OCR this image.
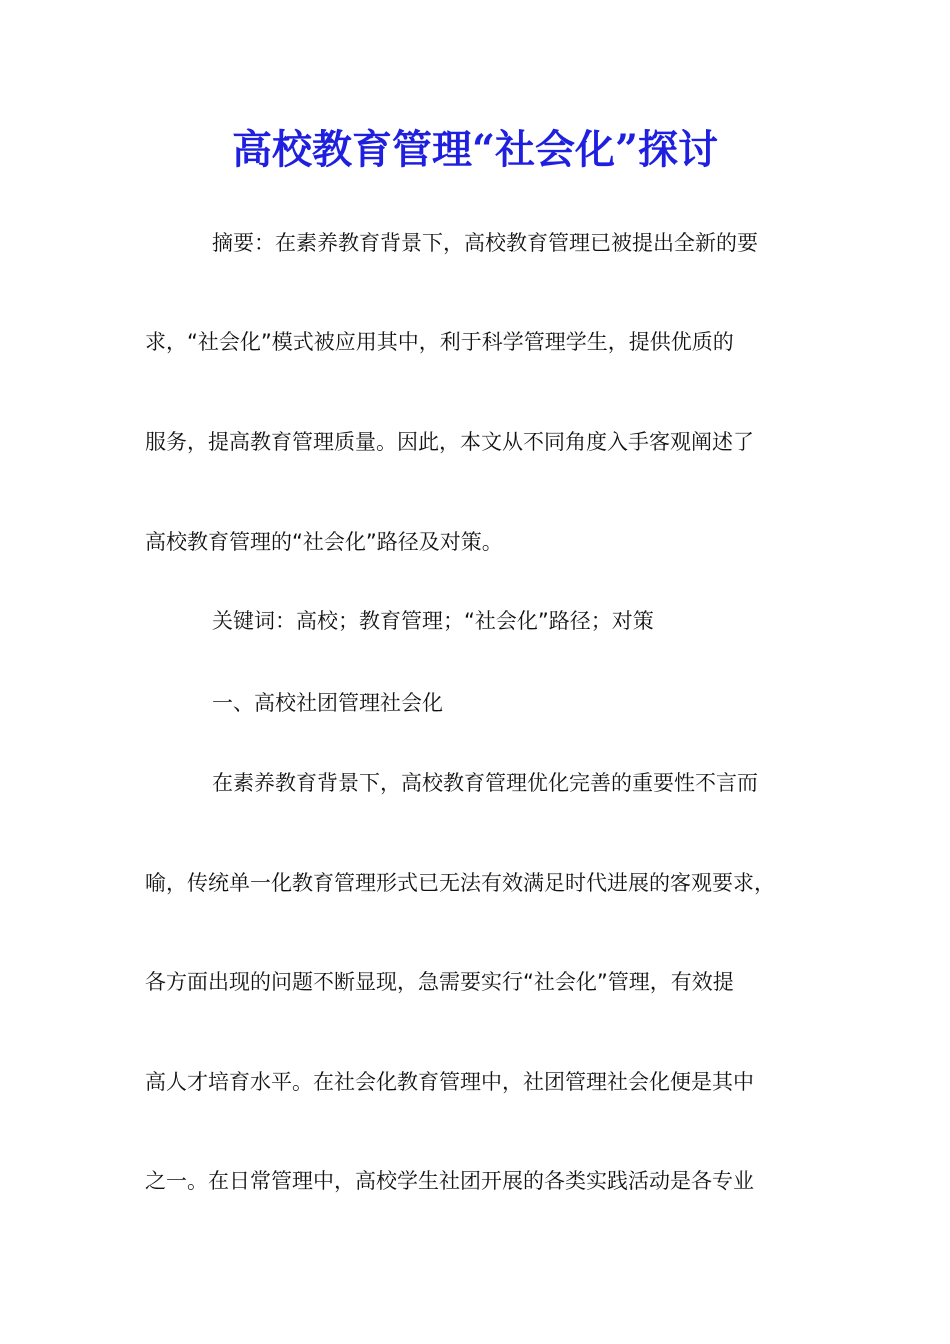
高校教育管理“社会化”探讨
摘要：在素养教育背景下，高校教育管理已被提出全新的要
求，“社会化”模式被应用其中，利于科学管理学生，提供优质的
服务，提高教育管理质量。因此，本文从不同角度入手客观阐述了
高校教育管理的“社会化”路径及对策。
关键词：高校；教育管理；“社会化”路径；对策
一、高校社团管理社会化
在素养教育背景下，高校教育管理优化完善的重要性不言而
喻，传统单一化教育管理形式已无法有效满足时代进展的客观要求，
各方面出现的问题不断显现，急需要实行“社会化”管理，有效提
高人才培育水平。在社会化教育管理中，社团管理社会化便是其中
之一。在日常管理中，高校学生社团开展的各类实践活动是各专业
